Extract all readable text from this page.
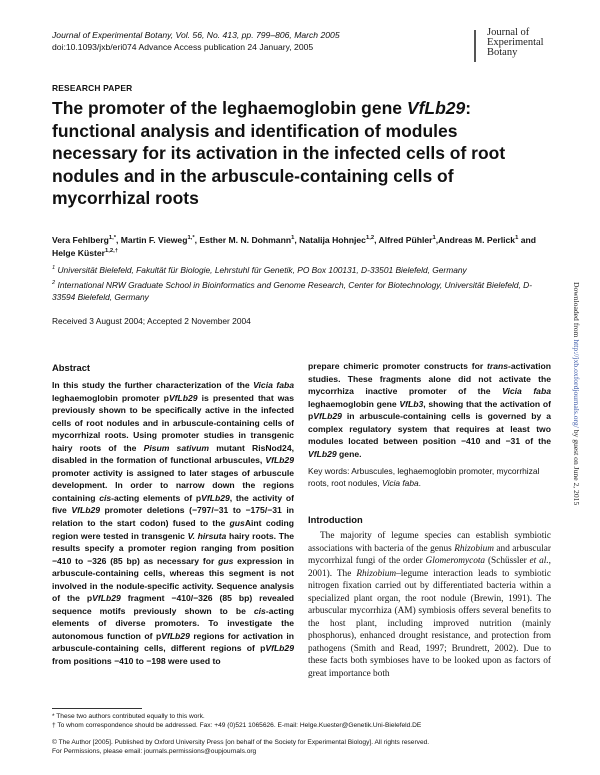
Journal of Experimental Botany, Vol. 56, No. 413, pp. 799–806, March 2005
doi:10.1093/jxb/eri074 Advance Access publication 24 January, 2005
Journal of
Experimental
Botany
RESEARCH PAPER
The promoter of the leghaemoglobin gene VfLb29: functional analysis and identification of modules necessary for its activation in the infected cells of root nodules and in the arbuscule-containing cells of mycorrhizal roots
Vera Fehlberg$^{1,*}$, Martin F. Vieweg$^{1,*}$, Esther M. N. Dohmann$^1$, Natalija Hohnjec$^{1,2}$, Alfred Pühler$^1$,Andreas M. Perlick$^1$ and Helge Küster$^{1,2,\dagger}$
$^1$ Universität Bielefeld, Fakultät für Biologie, Lehrstuhl für Genetik, PO Box 100131, D-33501 Bielefeld, Germany
$^2$ International NRW Graduate School in Bioinformatics and Genome Research, Center for Biotechnology, Universität Bielefeld, D-33594 Bielefeld, Germany
Received 3 August 2004; Accepted 2 November 2004	Downloaded from http://jxb.oxfordjournals.org/ by guest on June 2, 2015
Abstract
In this study the further characterization of the Vicia faba leghaemoglobin promoter pVfLb29 is presented that was previously shown to be specifically active in the infected cells of root nodules and in arbuscule-containing cells of mycorrhizal roots. Using promoter studies in transgenic hairy roots of the Pisum sativum mutant RisNod24, disabled in the formation of functional arbuscules, VfLb29 promoter activity is assigned to later stages of arbuscule development. In order to narrow down the regions containing cis-acting elements of pVfLb29, the activity of five VfLb29 promoter deletions (−797/−31 to −175/−31 in relation to the start codon) fused to the gusAint coding region were tested in transgenic V. hirsuta hairy roots. The results specify a promoter region ranging from position −410 to −326 (85 bp) as necessary for gus expression in arbuscule-containing cells, whereas this segment is not involved in the nodule-specific activity. Sequence analysis of the pVfLb29 fragment −410/−326 (85 bp) revealed sequence motifs previously shown to be cis-acting elements of diverse promoters. To investigate the autonomous function of pVfLb29 regions for activation in arbuscule-containing cells, different regions of pVfLb29 from positions −410 to −198 were used to
prepare chimeric promoter constructs for trans-activation studies. These fragments alone did not activate the mycorrhiza inactive promoter of the Vicia faba leghaemoglobin gene VfLb3, showing that the activation of pVfLb29 in arbuscule-containing cells is governed by a complex regulatory system that requires at least two modules located between position −410 and −31 of the VfLb29 gene.
Key words: Arbuscules, leghaemoglobin promoter, mycorrhizal roots, root nodules, Vicia faba.
Introduction
The majority of legume species can establish symbiotic associations with bacteria of the genus Rhizobium and arbuscular mycorrhizal fungi of the order Glomeromycota (Schüssler et al., 2001). The Rhizobium–legume interaction leads to symbiotic nitrogen fixation carried out by differentiated bacteria within a specialized plant organ, the root nodule (Brewin, 1991). The arbuscular mycorrhiza (AM) symbiosis offers several benefits to the host plant, including improved nutrition (mainly phosphorus), enhanced drought resistance, and protection from pathogens (Smith and Read, 1997; Brundrett, 2002). Due to these facts both symbioses have to be looked upon as factors of great importance both
* These two authors contributed equally to this work.
† To whom correspondence should be addressed. Fax: +49 (0)521 1065626. E-mail: Helge.Kuester@Genetik.Uni-Bielefeld.DE
© The Author [2005]. Published by Oxford University Press [on behalf of the Society for Experimental Biology]. All rights reserved.
For Permissions, please email: journals.permissions@oupjournals.org
